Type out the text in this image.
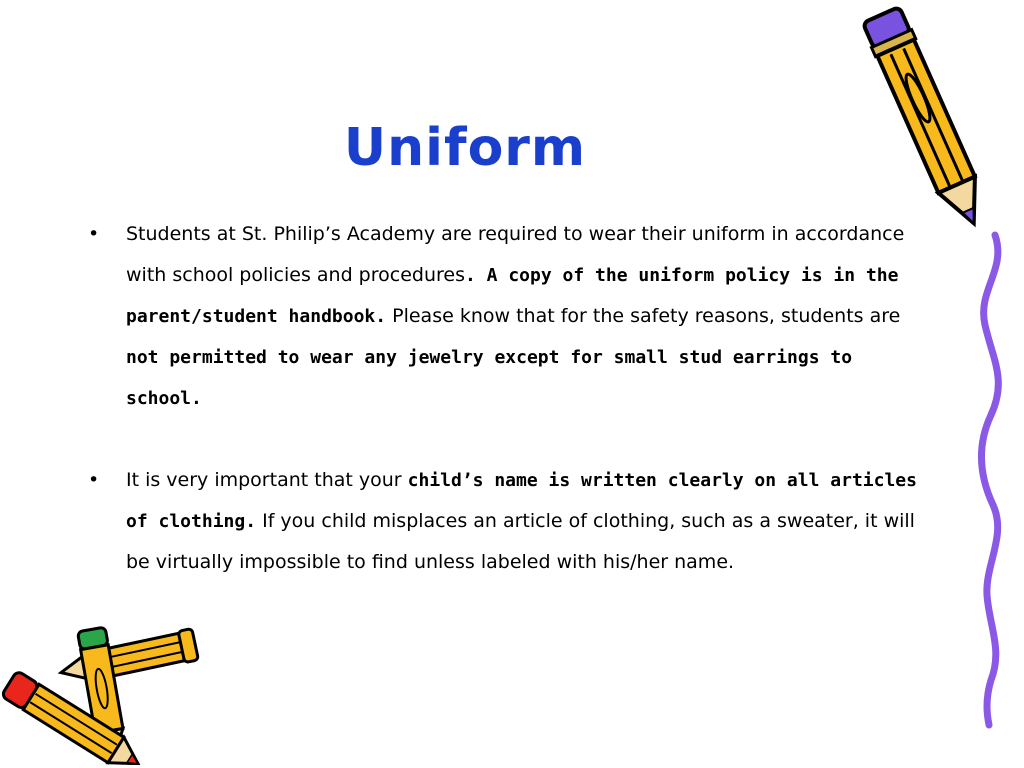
Uniform

• Students at St. Philip’s Academy are required to wear their uniform in accordance with school policies and procedures. A copy of the uniform policy is in the parent/student handbook. Please know that for the safety reasons, students are not permitted to wear any jewelry except for small stud earrings to school.

• It is very important that your child’s name is written clearly on all articles of clothing. If you child misplaces an article of clothing, such as a sweater, it will be virtually impossible to find unless labeled with his/her name.
